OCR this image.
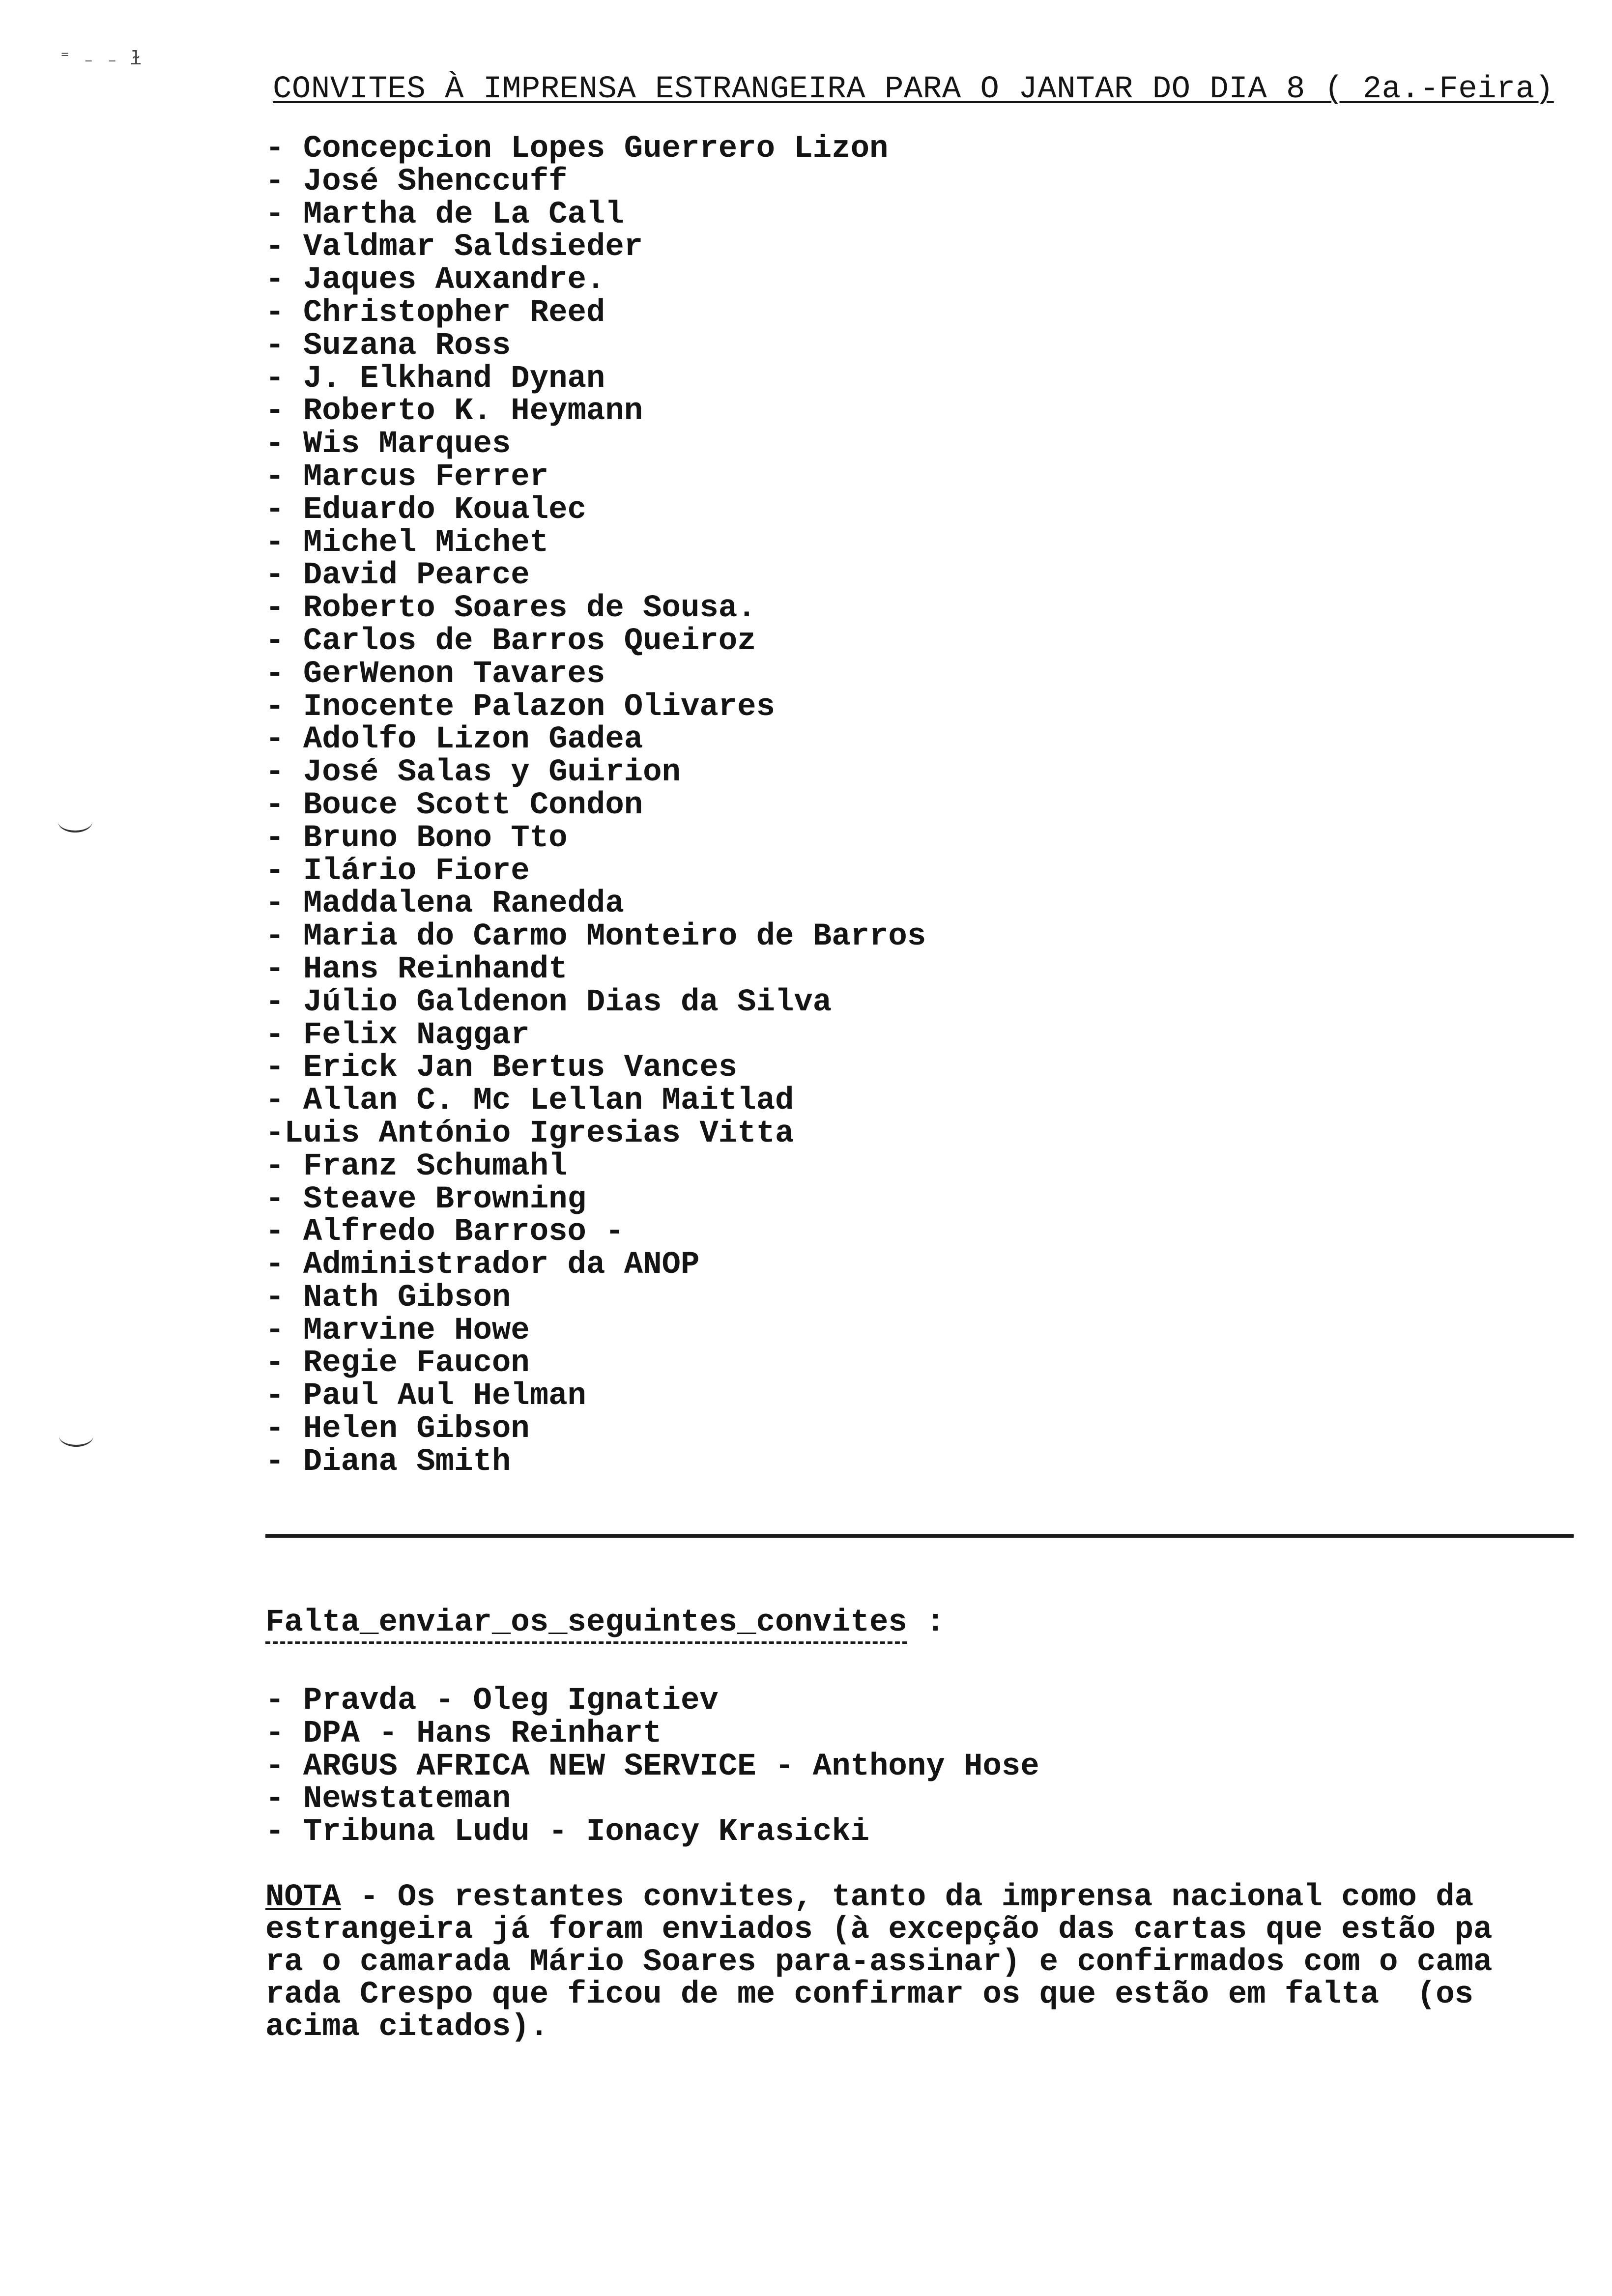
⁼ ₋ ₋ ɫ
CONVITES À IMPRENSA ESTRANGEIRA PARA O JANTAR DO DIA 8 ( 2a.-Feira)
- Concepcion Lopes Guerrero Lizon
- José Shenccuff
- Martha de La Call
- Valdmar Saldsieder
- Jaques Auxandre.
- Christopher Reed
- Suzana Ross
- J. Elkhand Dynan
- Roberto K. Heymann
- Wis Marques
- Marcus Ferrer
- Eduardo Koualec
- Michel Michet
- David Pearce
- Roberto Soares de Sousa.
- Carlos de Barros Queiroz
- GerWenon Tavares
- Inocente Palazon Olivares
- Adolfo Lizon Gadea
- José Salas y Guirion
- Bouce Scott Condon
- Bruno Bono Tto
- Ilário Fiore
- Maddalena Ranedda
- Maria do Carmo Monteiro de Barros
- Hans Reinhandt
- Júlio Galdenon Dias da Silva
- Felix Naggar
- Erick Jan Bertus Vances
- Allan C. Mc Lellan Maitlad
-Luis António Igresias Vitta
- Franz Schumahl
- Steave Browning
- Alfredo Barroso -
- Administrador da ANOP
- Nath Gibson
- Marvine Howe
- Regie Faucon
- Paul Aul Helman
- Helen Gibson
- Diana Smith
Falta_enviar_os_seguintes_convites :
- Pravda - Oleg Ignatiev
- DPA - Hans Reinhart
- ARGUS AFRICA NEW SERVICE - Anthony Hose
- Newstateman
- Tribuna Ludu - Ionacy Krasicki
NOTA - Os restantes convites, tanto da imprensa nacional como da
estrangeira já foram enviados (à excepção das cartas que estão pa
ra o camarada Mário Soares para-assinar) e confirmados com o cama
rada Crespo que ficou de me confirmar os que estão em falta  (os
acima citados).
